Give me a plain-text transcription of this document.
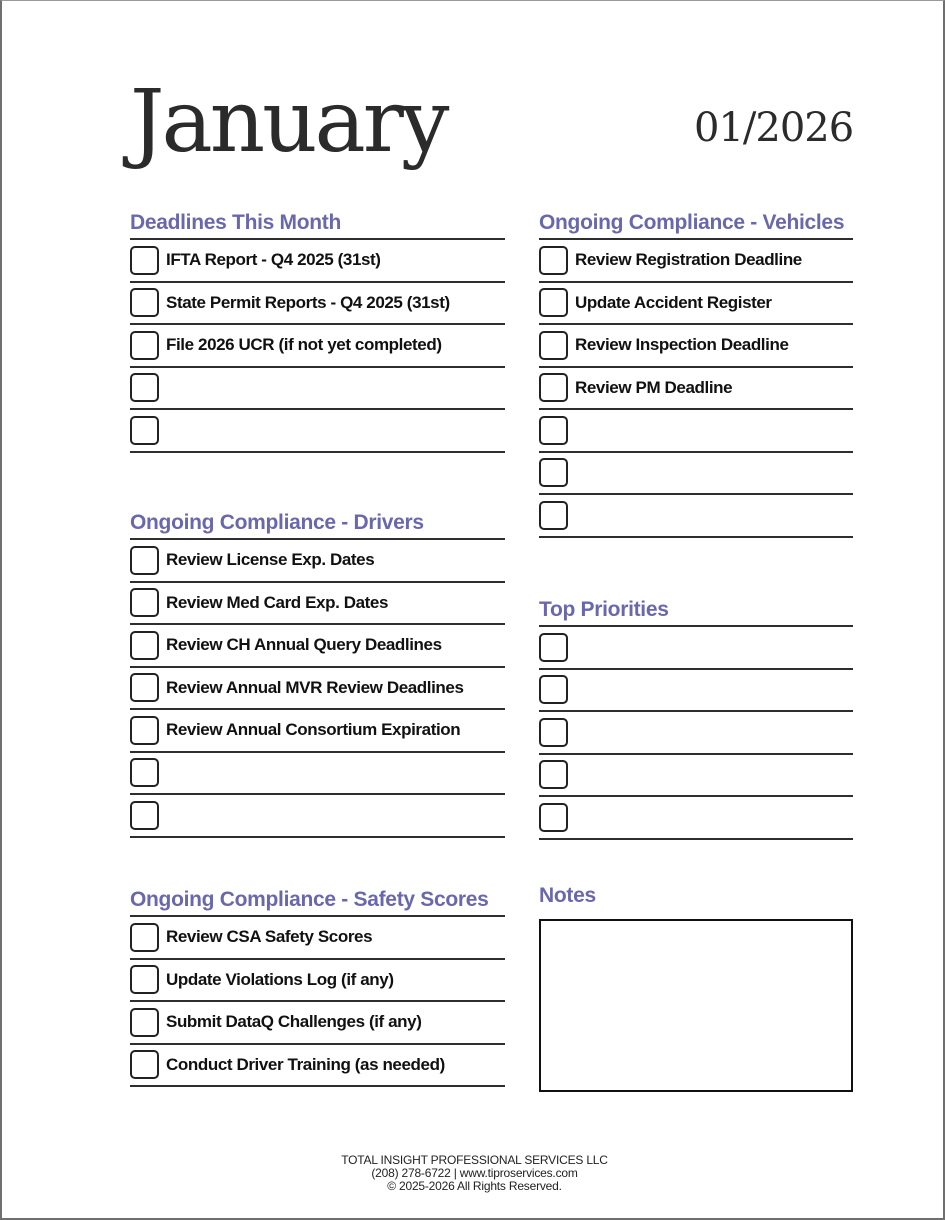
January	01/2026
Deadlines This Month
IFTA Report - Q4 2025 (31st)
State Permit Reports - Q4 2025 (31st)
File 2026 UCR (if not yet completed)
Ongoing Compliance - Vehicles
Review Registration Deadline
Update Accident Register
Review Inspection Deadline
Review PM Deadline
Ongoing Compliance - Drivers
Review License Exp. Dates
Review Med Card Exp. Dates
Review CH Annual Query Deadlines
Review Annual MVR Review Deadlines
Review Annual Consortium Expiration
Top Priorities
Ongoing Compliance - Safety Scores
Review CSA Safety Scores
Update Violations Log (if any)
Submit DataQ Challenges (if any)
Conduct Driver Training (as needed)
Notes
TOTAL INSIGHT PROFESSIONAL SERVICES LLC
(208) 278-6722 | www.tiproservices.com
© 2025-2026 All Rights Reserved.
